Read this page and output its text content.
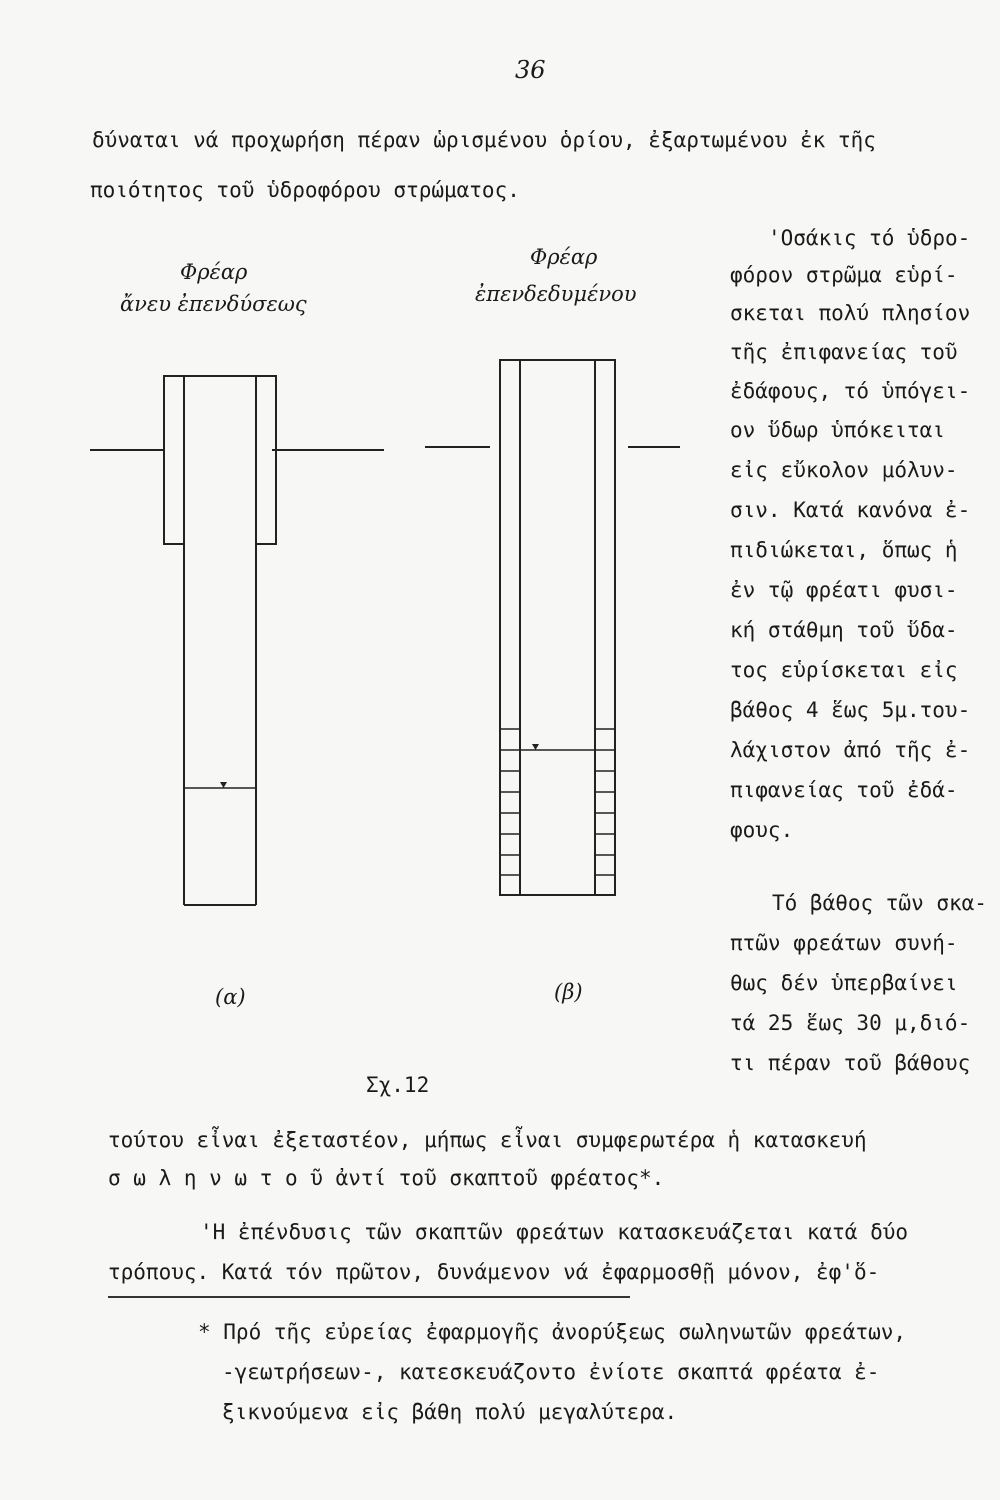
36
δύναται νά προχωρήση πέραν ὡρισμένου ὁρίου, ἐξαρτωμένου ἐκ τῆς
ποιότητος τοῦ ὑδροφόρου στρώματος.
'Οσάκις τό ὑδρο-
φόρον στρῶμα εὑρί-
σκεται πολύ πλησίον
τῆς ἐπιφανείας τοῦ
ἐδάφους, τό ὑπόγει-
ον ὕδωρ ὑπόκειται
εἰς εὔκολον μόλυν-
σιν. Κατά κανόνα ἐ-
πιδιώκεται, ὅπως ἡ
ἐν τῷ φρέατι φυσι-
κή στάθμη τοῦ ὕδα-
τος εὑρίσκεται εἰς
βάθος 4 ἕως 5μ.του-
λάχιστον ἀπό τῆς ἐ-
πιφανείας τοῦ ἐδά-
φους.
Τό βάθος τῶν σκα-
πτῶν φρεάτων συνή-
θως δέν ὑπερβαίνει
τά 25 ἕως 30 μ,διό-
τι πέραν τοῦ βάθους
Φρέαρ
ἄνευ ἐπενδύσεως
Φρέαρ
ἐπενδεδυμένου
(α)	(β)
Σχ.12
τούτου εἶναι ἐξεταστέον, μήπως εἶναι συμφερωτέρα ἡ κατασκευή
σ ω λ η ν ω τ ο ῦ ἀντί τοῦ σκαπτοῦ φρέατος*.
'Η ἐπένδυσις τῶν σκαπτῶν φρεάτων κατασκευάζεται κατά δύο
τρόπους. Κατά τόν πρῶτον, δυνάμενον νά ἐφαρμοσθῇ μόνον, ἐφ'ὅ-
* Πρό τῆς εὐρείας ἐφαρμογῆς ἀνορύξεως σωληνωτῶν φρεάτων,
-γεωτρήσεων-, κατεσκευάζοντο ἐνίοτε σκαπτά φρέατα ἐ-
ξικνούμενα εἰς βάθη πολύ μεγαλύτερα.
